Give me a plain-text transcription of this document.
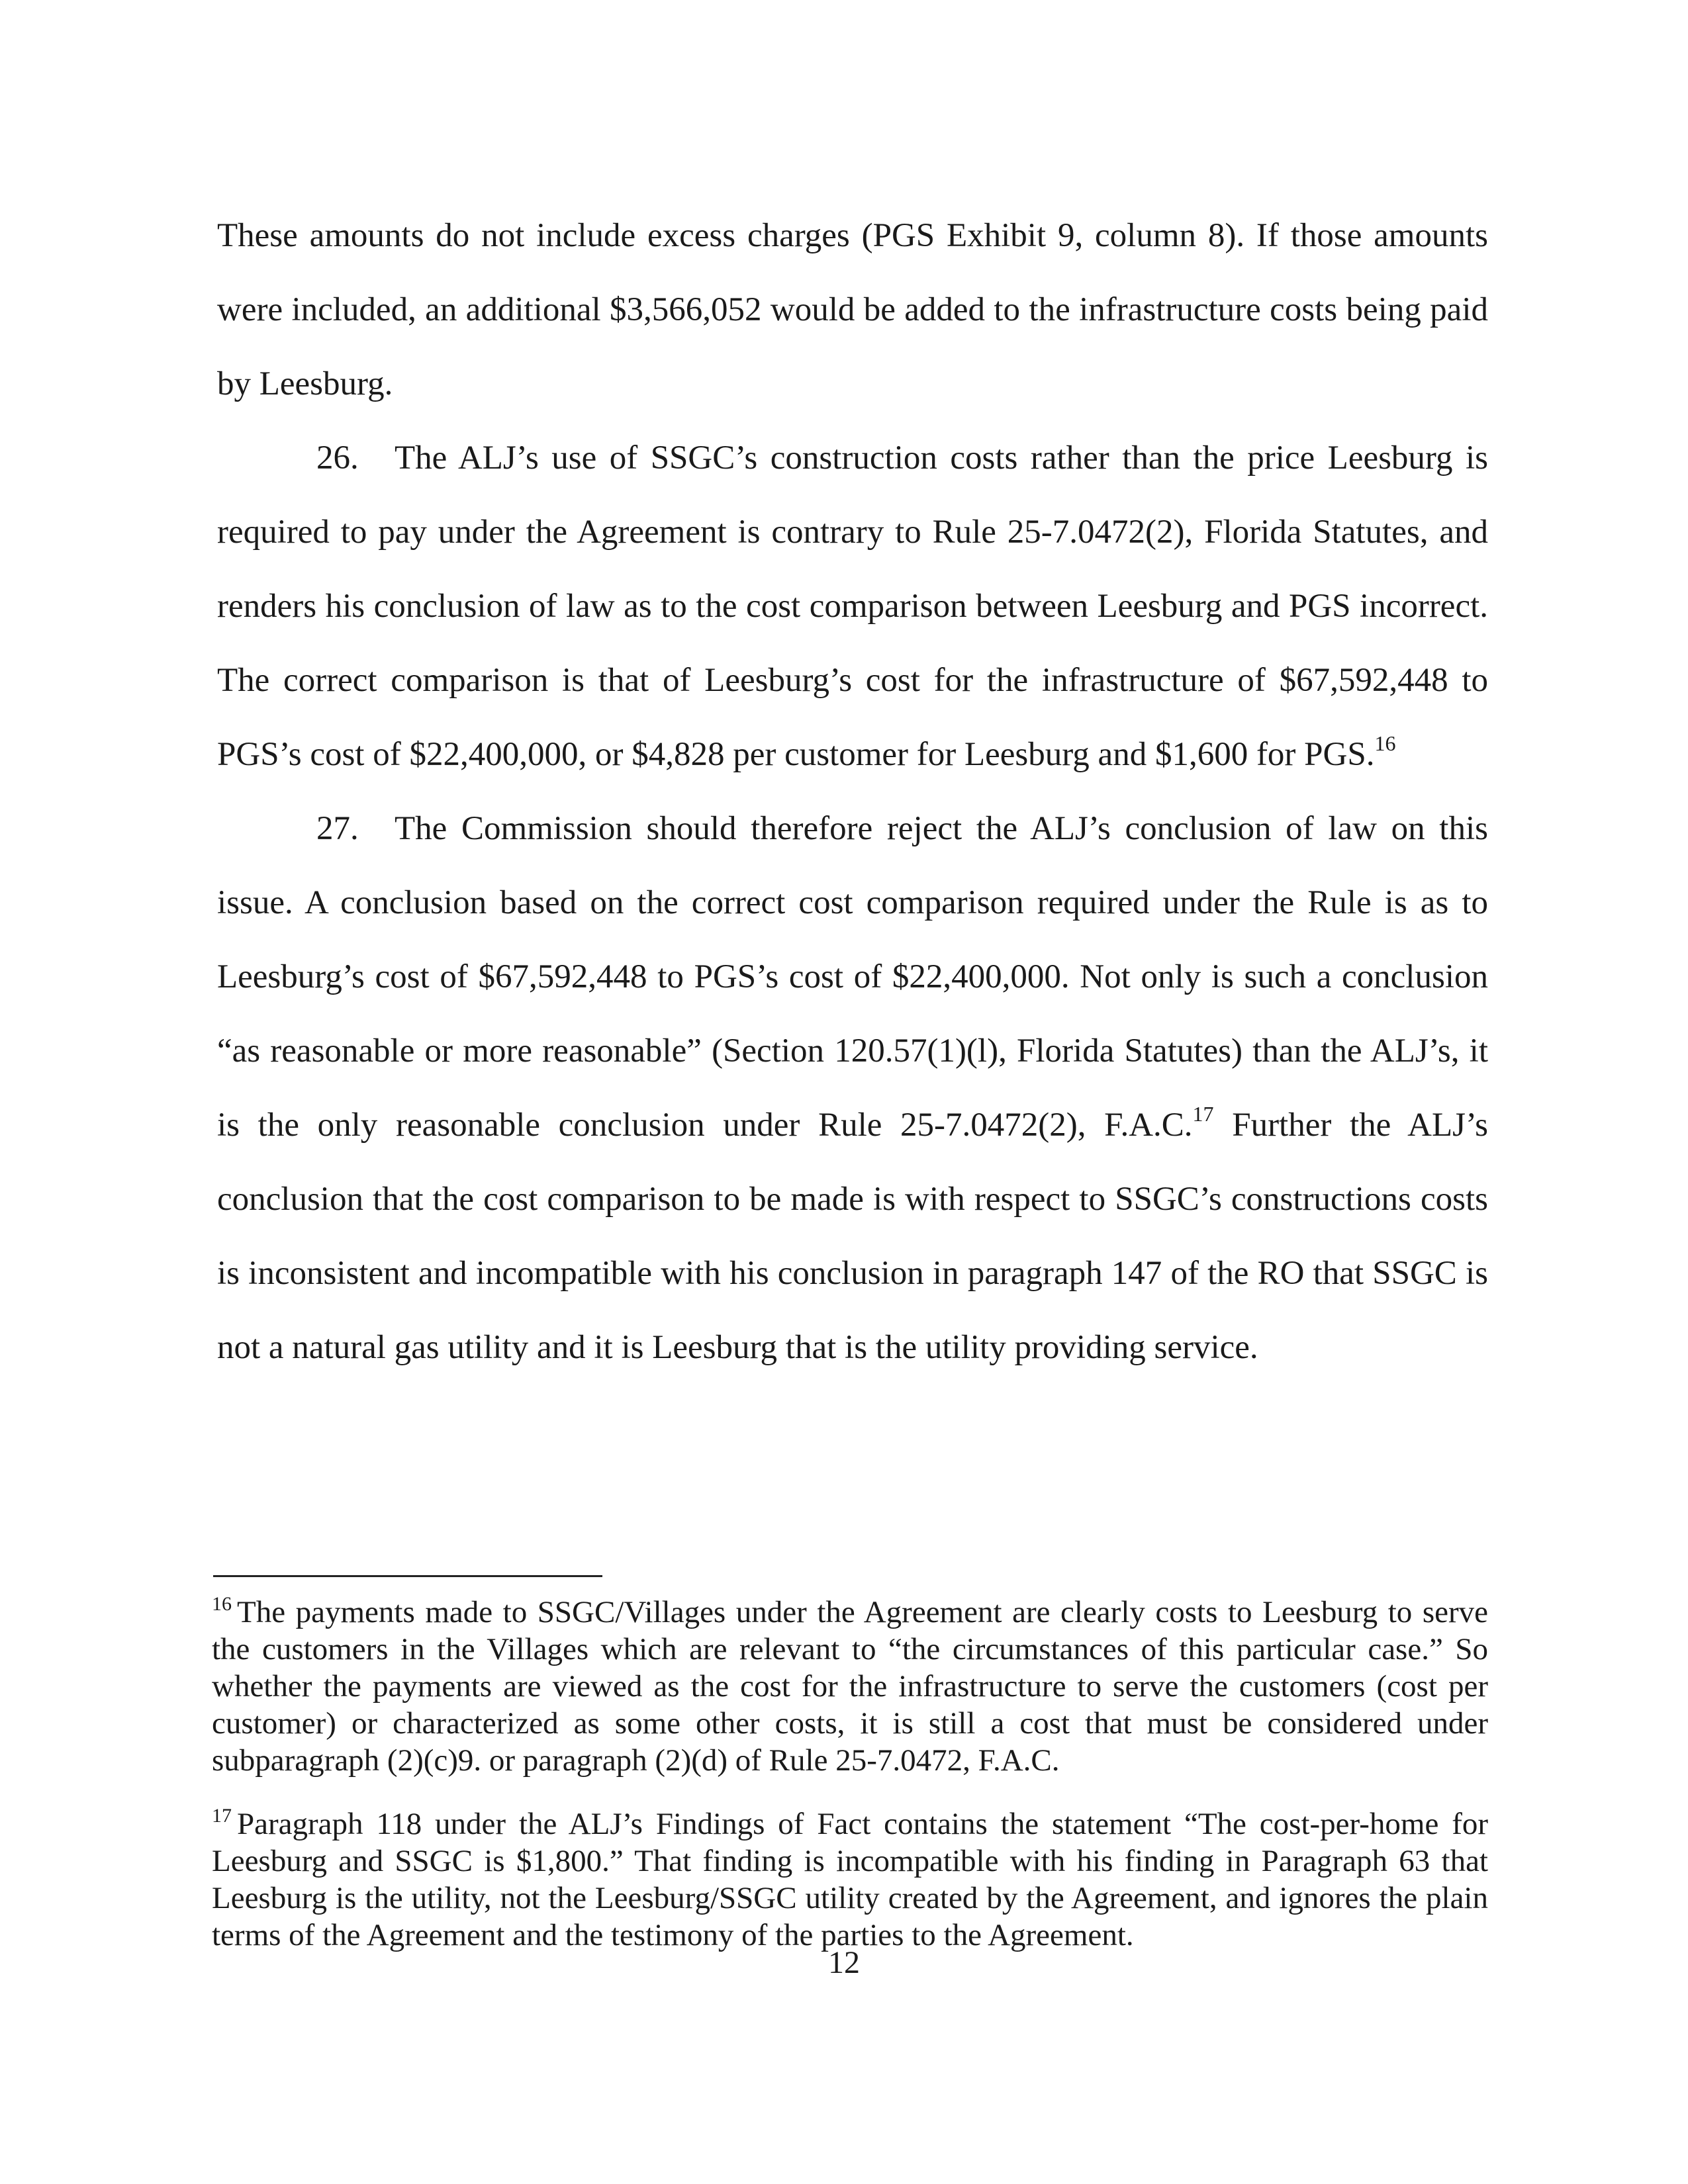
These amounts do not include excess charges (PGS Exhibit 9, column 8). If those amounts were included, an additional $3,566,052 would be added to the infrastructure costs being paid by Leesburg.

26. The ALJ’s use of SSGC’s construction costs rather than the price Leesburg is required to pay under the Agreement is contrary to Rule 25-7.0472(2), Florida Statutes, and renders his conclusion of law as to the cost comparison between Leesburg and PGS incorrect. The correct comparison is that of Leesburg’s cost for the infrastructure of $67,592,448 to PGS’s cost of $22,400,000, or $4,828 per customer for Leesburg and $1,600 for PGS.$^{16}$

27. The Commission should therefore reject the ALJ’s conclusion of law on this issue. A conclusion based on the correct cost comparison required under the Rule is as to Leesburg’s cost of $67,592,448 to PGS’s cost of $22,400,000. Not only is such a conclusion “as reasonable or more reasonable” (Section 120.57(1)(l), Florida Statutes) than the ALJ’s, it is the only reasonable conclusion under Rule 25-7.0472(2), F.A.C.$^{17}$ Further the ALJ’s conclusion that the cost comparison to be made is with respect to SSGC’s constructions costs is inconsistent and incompatible with his conclusion in paragraph 147 of the RO that SSGC is not a natural gas utility and it is Leesburg that is the utility providing service.

$^{16}$ The payments made to SSGC/Villages under the Agreement are clearly costs to Leesburg to serve the customers in the Villages which are relevant to “the circumstances of this particular case.” So whether the payments are viewed as the cost for the infrastructure to serve the customers (cost per customer) or characterized as some other costs, it is still a cost that must be considered under subparagraph (2)(c)9. or paragraph (2)(d) of Rule 25-7.0472, F.A.C.

$^{17}$ Paragraph 118 under the ALJ’s Findings of Fact contains the statement “The cost-per-home for Leesburg and SSGC is $1,800.” That finding is incompatible with his finding in Paragraph 63 that Leesburg is the utility, not the Leesburg/SSGC utility created by the Agreement, and ignores the plain terms of the Agreement and the testimony of the parties to the Agreement.

12
